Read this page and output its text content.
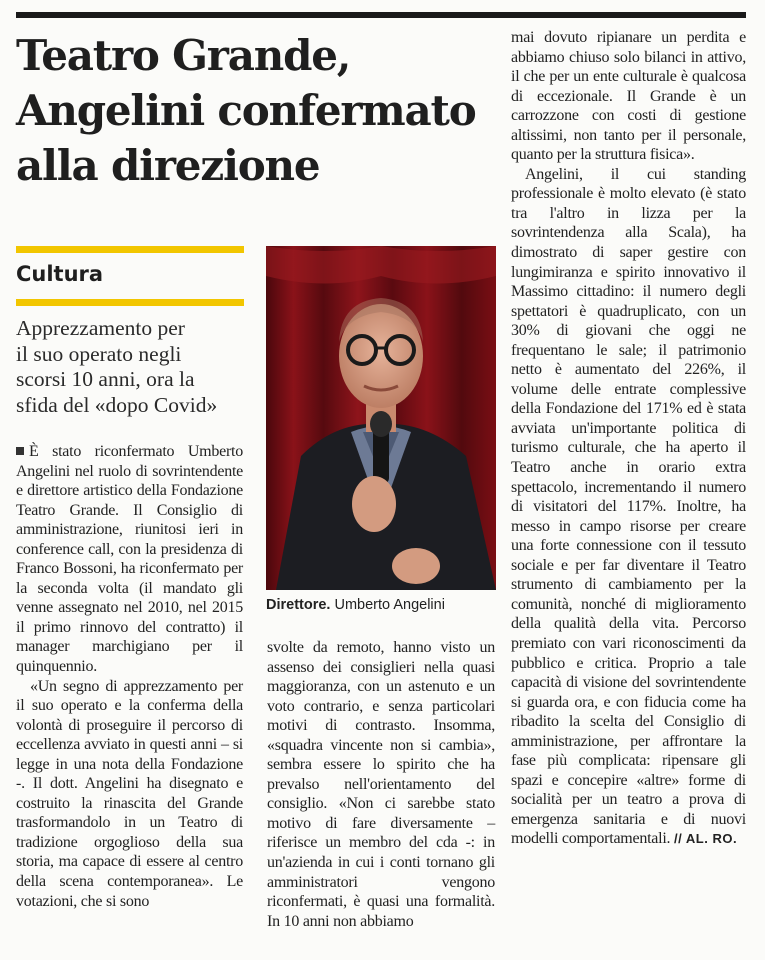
Teatro Grande,
Angelini confermato
alla direzione
Cultura
Apprezzamento per
il suo operato negli
scorsi 10 anni, ora la
sfida del «dopo Covid»

È stato riconfermato Umberto Angelini nel ruolo di sovrintendente e direttore artistico della Fondazione Teatro Grande. Il Consiglio di amministrazione, riunitosi ieri in conference call, con la presidenza di Franco Bossoni, ha riconfermato per la seconda volta (il mandato gli venne assegnato nel 2010, nel 2015 il primo rinnovo del contratto) il manager marchigiano per il quinquennio.

«Un segno di apprezzamento per il suo operato e la conferma della volontà di proseguire il percorso di eccellenza avviato in questi anni – si legge in una nota della Fondazione -. Il dott. Angelini ha disegnato e costruito la rinascita del Grande trasformandolo in un Teatro di tradizione orgoglioso della sua storia, ma capace di essere al centro della scena contemporanea». Le votazioni, che si sono

Direttore. Umberto Angelini

svolte da remoto, hanno visto un assenso dei consiglieri nella quasi maggioranza, con un astenuto e un voto contrario, e senza particolari motivi di contrasto. Insomma, «squadra vincente non si cambia», sembra essere lo spirito che ha prevalso nell'orientamento del consiglio. «Non ci sarebbe stato motivo di fare diversamente – riferisce un membro del cda -: in un'azienda in cui i conti tornano gli amministratori vengono riconfermati, è quasi una formalità. In 10 anni non abbiamo

mai dovuto ripianare un perdita e abbiamo chiuso solo bilanci in attivo, il che per un ente culturale è qualcosa di eccezionale. Il Grande è un carrozzone con costi di gestione altissimi, non tanto per il personale, quanto per la struttura fisica».

Angelini, il cui standing professionale è molto elevato (è stato tra l'altro in lizza per la sovrintendenza alla Scala), ha dimostrato di saper gestire con lungimiranza e spirito innovativo il Massimo cittadino: il numero degli spettatori è quadruplicato, con un 30% di giovani che oggi ne frequentano le sale; il patrimonio netto è aumentato del 226%, il volume delle entrate complessive della Fondazione del 171% ed è stata avviata un'importante politica di turismo culturale, che ha aperto il Teatro anche in orario extra spettacolo, incrementando il numero di visitatori del 117%. Inoltre, ha messo in campo risorse per creare una forte connessione con il tessuto sociale e per far diventare il Teatro strumento di cambiamento per la comunità, nonché di miglioramento della qualità della vita. Percorso premiato con vari riconoscimenti da pubblico e critica. Proprio a tale capacità di visione del sovrintendente si guarda ora, e con fiducia come ha ribadito la scelta del Consiglio di amministrazione, per affrontare la fase più complicata: ripensare gli spazi e concepire «altre» forme di socialità per un teatro a prova di emergenza sanitaria e di nuovi modelli comportamentali. // AL. RO.
